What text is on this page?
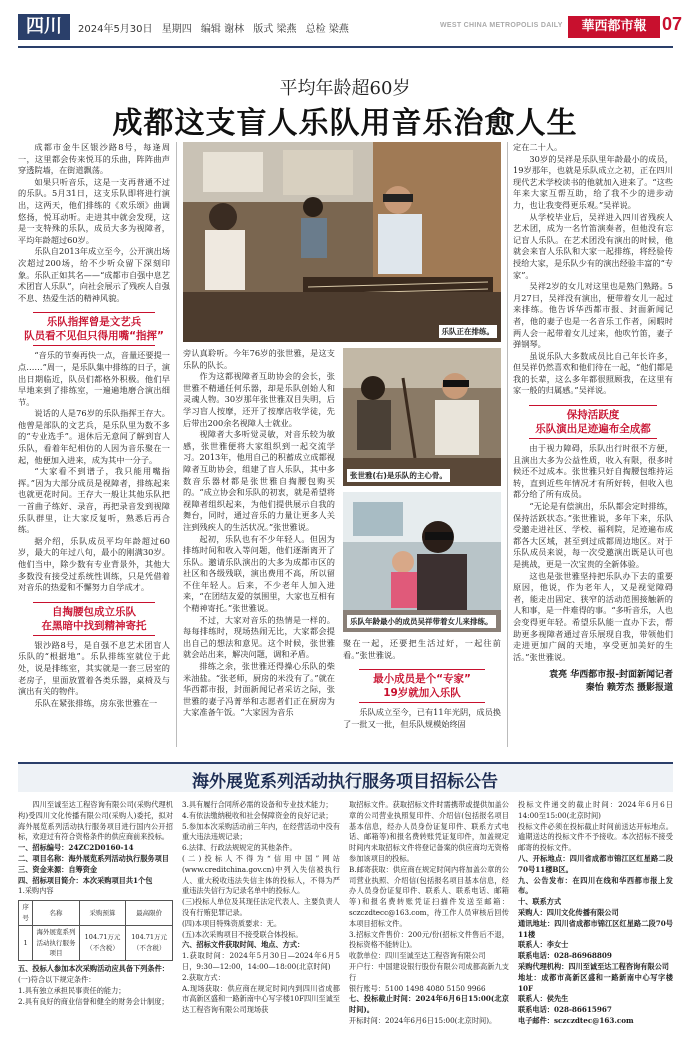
四川	2024年5月30日 星期四 编辑 谢林 版式 梁燕 总检 梁燕	WEST CHINA METROPOLIS DAILY	華西都市報 07
平均年龄超60岁
成都这支盲人乐队用音乐治愈人生

成都市金牛区银沙路8号，每逢周一，这里都会传来悦耳的乐曲，阵阵曲声穿透院墙，在街道飘荡。

如果只听音乐，这是一支再普通不过的乐队。5月31日，这支乐队即将进行演出，这两天，他们排练的《欢乐颂》曲调悠扬，悦耳动听。走进其中就会发现，这是一支特殊的乐队，成员大多为视障者，平均年龄超过60岁。

乐队自2013年成立至今，公开演出场次超过200场，给不少听众留下深刻印象。乐队正如其名——“成都市自强中息艺术团盲人乐队”，向社会展示了残疾人自强不息、热爱生活的精神风貌。

乐队指挥曾是文艺兵
队员看不见但只得用嘴“指挥”

“音乐的节奏再快一点，音量还要提一点……”周一，是乐队集中排练的日子，演出日期临近，队员们都格外积极。他们早早地来到了排练室，一遍遍地磨合演出细节。

说话的人是76岁的乐队指挥王存大。他曾是部队的文艺兵，是乐队里为数不多的“专业选手”。退休后无意间了解到盲人乐队，看着年纪相仿的人因为音乐聚在一起，他便加入进来，成为其中一分子。

“大家看不到谱子，我只能用嘴指挥。”因为大部分成员是视障者，排练起来也就更花时间。王存大一般让其他乐队把一首曲子练好、录音，再把录音发到视障乐队群里，让大家反复听，熟悉后再合练。

据介绍，乐队成员平均年龄超过60岁，最大的年过八旬，最小的刚满30岁。他们当中，除少数有专业背景外，其他大多数没有接受过系统性训练，只是凭借着对音乐的热爱和不懈努力自学成才。

自掏腰包成立乐队
在黑暗中找到精神寄托

银沙路8号，是自强不息艺术团盲人乐队的“根据地”。乐队排练室就位于此处，说是排练室，其实就是一套三居室的老房子，里面放置着各类乐器，桌椅及与演出有关的物件。

乐队在紧张排练，房东张世雅在一

乐队正在排练。

旁认真聆听。今年76岁的张世雅，是这支乐队的队长。

作为这都视障者互助协会的会长，张世雅不精通任何乐器，却是乐队创始人和灵魂人物。30岁那年张世雅双目失明，后学习盲人按摩，还开了按摩店收学徒，先后带出200余名视障人士就业。

视障者大多听觉灵敏，对音乐较为敏感，张世雅便将大家组织到一起交流学习。2013年，他用自己的积蓄成立成都视障者互助协会，组建了盲人乐队，其中多数音乐器材都是张世雅自掏腰包购买的。“成立协会和乐队的初衷，就是希望将视障者组织起来，为他们提供展示自我的舞台，同时，通过音乐的力量让更多人关注到残疾人的生活状况。”张世雅说。

起初，乐队也有不少年轻人。但因为排练时间和收入等问题，他们逐渐离开了乐队。邀请乐队演出的大多为成都市区的社区和各级残联，演出费用不高，所以留不住年轻人。后来，不少老年人加入进来，“在团结友爱的氛围里，大家也互相有个精神寄托。”张世雅说。

不过，大家对音乐的热情是一样的。每每排练时，现场热闹无比，大家都会提出自己的想法和意见。这个时候，张世雅就会站出来，解决问题，调和矛盾。

排练之余，张世雅还得操心乐队的柴米油盐。“张老师，厨房的米没有了。”就在华西都市报，封面新闻记者采访之际，张世雅的妻子冯菁举和志愿者们正在厨房为大家准备午饭。“大家因为音乐

张世雅(右)是乐队的主心骨。
乐队年龄最小的成员吴祥带着女儿来排练。

聚在一起，还要把生活过好，一起往前看。”张世雅说。

最小成员是个“专家”
19岁就加入乐队

乐队成立至今，已有11年光阴，成员换了一批又一批，但乐队规模始终固

定在二十人。

30岁的吴祥是乐队里年龄最小的成员，19岁那年，也就是乐队成立之初，正在四川现代艺术学校读书的他就加入进来了。“这些年来大家互帮互助，给了我不少的进步动力，也让我变得更乐观。”吴祥说。

从学校毕业后，吴祥进入四川省残疾人艺术团，成为一名竹笛演奏者，但他没有忘记盲人乐队。在艺术团没有演出的时候，他就会来盲人乐队和大家一起排练，将经验传授给大家，是乐队少有的演出经验丰富的“专家”。

吴祥2岁的女儿对这里也是熟门熟路。5月27日，吴祥没有演出，便带着女儿一起过来排练。他告诉华西都市报、封面新闻记者，他的妻子也是一名音乐工作者，闲暇时两人会一起带着女儿过来，他吹竹笛，妻子弹钢琴。

虽说乐队大多数成员比自己年长许多，但吴祥仍然喜欢和他们待在一起，“他们都是我的长辈，这么多年都很照顾我，在这里有家一般的归属感。”吴祥说。

保持活跃度
乐队演出足迹遍布全成都

由于视力障碍，乐队出行时很不方便，且演出大多为公益性质，收入有限，很多时候还不过成本。张世雅只好自掏腰包维持运转，直到近些年情况才有所好转，但收入也都分给了所有成员。

“无论是有偿演出，乐队都会定时排练，保持活跃状态。”张世雅说，多年下来，乐队受邀走进社区、学校、福利院，足迹遍布成都各大区域，甚至到过成都周边地区。对于乐队成员来说，每一次受邀演出既是认可也是挑战，更是一次宝贵的全新体验。

这也是张世雅坚持把乐队办下去的重要原因，他说，作为老年人，又是视觉障碍者，能走出固定、狭窄的活动范围接触新的人和事，是一件难得的事。“多听音乐，人也会变得更年轻。希望乐队能一直办下去，帮助更多视障者通过音乐展现自我，带领他们走进更加广阔的天地，享受更加美好的生活。”张世雅说。

袁亮 华西都市报-封面新闻记者
秦怡 赖芳杰 摄影报道
海外展览系列活动执行服务项目招标公告
四川至诚至达工程咨询有限公司(采购代理机构)受四川文化传播有限公司(采购人)委托，拟对海外展览系列活动执行服务项目进行国内公开招标，欢迎过有符合资格条件的供应商前来投标。
一、招标编号：24ZC2D0160-14
二、项目名称：海外展览系列活动执行服务项目
三、资金来源：自筹资金
四、招标项目简介：本次采购项目共1个包
1.采购内容
序号	名称	采购预算	最高限价
1	海外展览系列活动执行服务项目	104.71万元（不含税）	104.71万元（不含税）
五、投标人参加本次采购活动应具备下列条件：
(一)符合以下规定条件：
1.具有独立承担民事责任的能力；
2.具有良好的商业信誉和健全的财务会计制度；
3.具有履行合同所必需的设备和专业技术能力；
4.有依法缴纳税收和社会保障资金的良好记录；
5.参加本次采购活动前三年内，在经营活动中没有重大违法违规记录；
6.法律、行政法规规定的其他条件。
(二)投标人不得为“信用中国”网站(www.creditchina.gov.cn)中列入失信被执行人、重大税收违法失信主体的投标人，不得为严重违法失信行为记录名单中的投标人。
(三)投标人单位及其现任法定代表人、主要负责人没有行贿犯罪记录。
(四)本项目特殊资质要求：无。
(五)本次采购项目不接受联合体投标。
六、招标文件获取时间、地点、方式：
1.获取时间：2024年5月30日—2024年6月5日，9:30—12:00，14:00—18:00(北京时间)
2.获取方式：
A.现场获取：供应商在规定时间内到四川省成都市高新区盛和一路新南中心写字楼10F四川至诚至达工程咨询有限公司现场获
取招标文件。获取招标文件时需携带或提供加盖公章的公司营业执照复印件、介绍信(包括报名项目基本信息，经办人员身份证复印件、联系方式电话、邮箱等)和报名费转账凭证复印件，加盖规定时间内未取招标文件将登记备案的供应商均无资格参加该项目的投标。
B.邮寄获取：供应商在规定时间内将加盖公章的公司营业执照、介绍信(包括报名项目基本信息，经办人员身份证复印件、联系人、联系电话、邮箱等)和报名费转账凭证扫描件发送至邮箱：sczczdtecc@163.com，待工作人员审核后回传本项目招标文件。
3.招标文件售价：200元/份(招标文件售后不退，投标资格不能转让)。
收款单位：四川至诚至达工程咨询有限公司
开户行：中国建设银行股份有限公司成都高新九支行
银行账号：5100 1498 4080 5150 9966
七、投标截止时间：2024年6月6日15:00(北京时间)。
开标时间：2024年6月6日15:00(北京时间)。
投标文件递交的截止时间：2024年6月6日14:00至15:00(北京时间)
投标文件必须在投标截止时间前送达开标地点。逾期送达的投标文件不予接收。本次招标不接受邮寄的投标文件。
八、开标地点：四川省成都市锦江区红星路二段70号11楼B区。
九、公告发布：在四川在线和华西都市报上发布。
十、联系方式
采购人：四川文化传播有限公司
通讯地址：四川省成都市锦江区红星路二段70号11楼
联系人：李女士
联系电话：028-86968809
采购代理机构：四川至诚至达工程咨询有限公司
地址：成都市高新区盛和一路新南中心写字楼10F
联系人：侯先生
联系电话：028-86615967
电子邮件：sczczdtec@163.com
